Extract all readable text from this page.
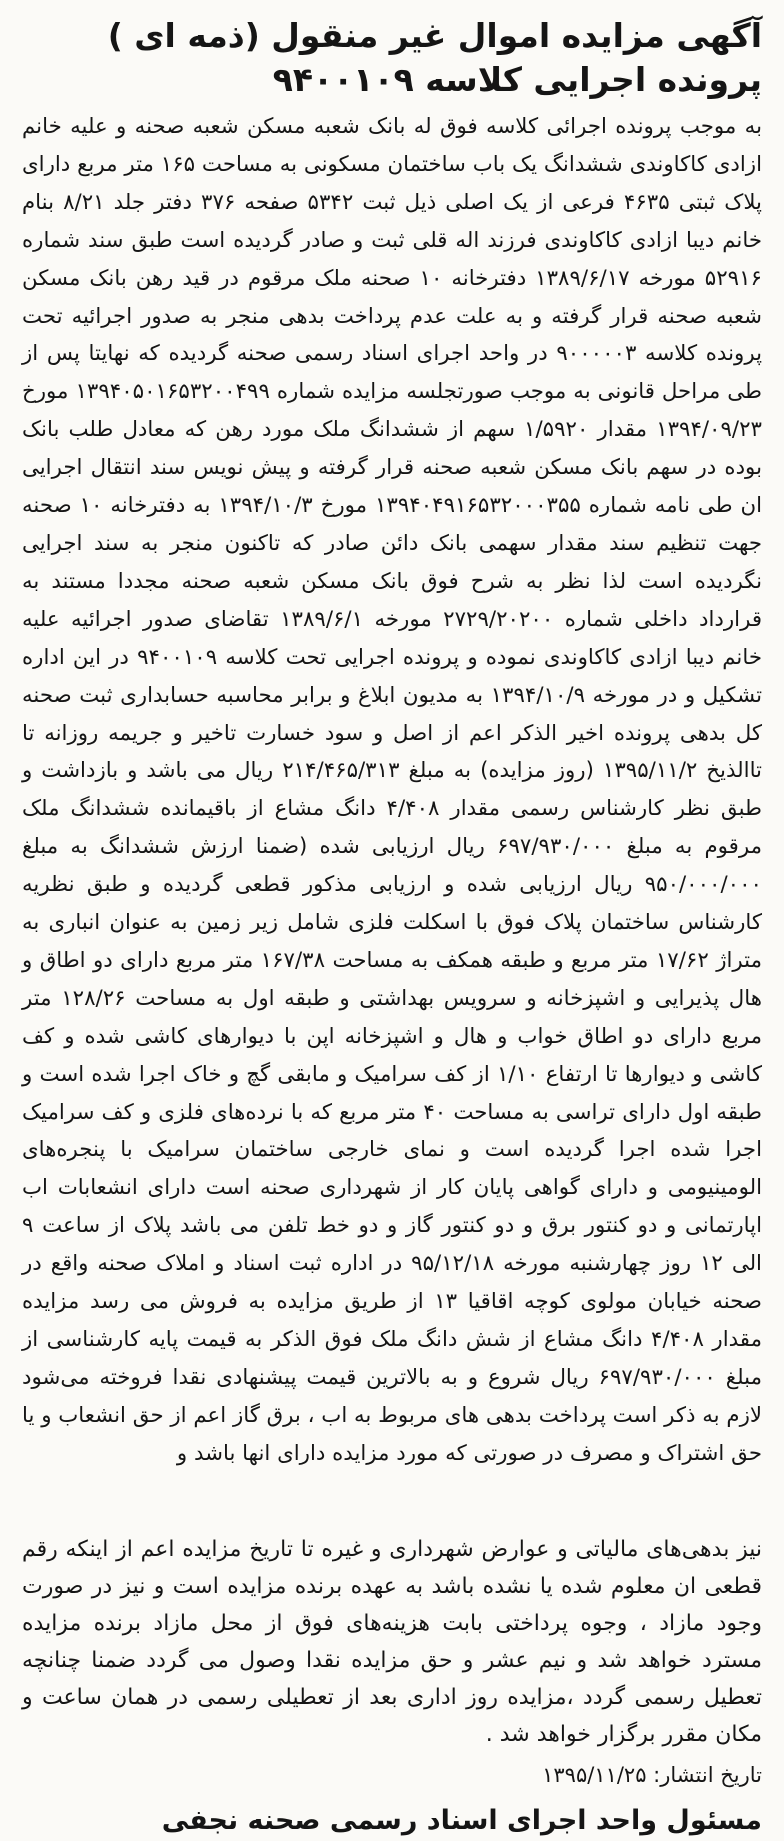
آگهی مزایده اموال غیر منقول (ذمه ای ) پرونده اجرایی کلاسه ۹۴۰۰۱۰۹

به موجب پرونده اجرائی کلاسه فوق له بانک شعبه مسکن شعبه صحنه و علیه خانم ازادی کاکاوندی ششدانگ یک باب ساختمان مسکونی به مساحت ۱۶۵ متر مربع دارای پلاک ثبتی ۴۶۳۵ فرعی از یک اصلی ذیل ثبت ۵۳۴۲ صفحه ۳۷۶ دفتر جلد ۸/۲۱ بنام خانم دیبا ازادی کاکاوندی فرزند اله قلی ثبت و صادر گردیده است طبق سند شماره ۵۲۹۱۶ مورخه ۱۳۸۹/۶/۱۷ دفترخانه ۱۰ صحنه ملک مرقوم در قید رهن بانک مسکن شعبه صحنه قرار گرفته و به علت عدم پرداخت بدهی منجر به صدور اجرائیه تحت پرونده کلاسه ۹۰۰۰۰۰۳ در واحد اجرای اسناد رسمی صحنه گردیده که نهایتا پس از طی مراحل قانونی به موجب صورتجلسه مزایده شماره ۱۳۹۴۰۵۰۱۶۵۳۲۰۰۴۹۹ مورخ ۱۳۹۴/۰۹/۲۳ مقدار ۱/۵۹۲۰ سهم از ششدانگ ملک مورد رهن که معادل طلب بانک بوده در سهم بانک مسکن شعبه صحنه قرار گرفته و پیش نویس سند انتقال اجرایی ان طی نامه شماره ۱۳۹۴۰۴۹۱۶۵۳۲۰۰۰۳۵۵ مورخ ۱۳۹۴/۱۰/۳ به دفترخانه ۱۰ صحنه جهت تنظیم سند مقدار سهمی بانک دائن صادر که تاکنون منجر به سند اجرایی نگردیده است لذا نظر به شرح فوق بانک مسکن شعبه صحنه مجددا مستند به قرارداد داخلی شماره ۲۷۲۹/۲۰۲۰۰ مورخه ۱۳۸۹/۶/۱ تقاضای صدور اجرائیه علیه خانم دیبا ازادی کاکاوندی نموده و پرونده اجرایی تحت کلاسه ۹۴۰۰۱۰۹ در این اداره تشکیل و در مورخه ۱۳۹۴/۱۰/۹ به مدیون ابلاغ و برابر محاسبه حسابداری ثبت صحنه کل بدهی پرونده اخیر الذکر اعم از اصل و سود خسارت تاخیر و جریمه روزانه تا تاالذیخ ۱۳۹۵/۱۱/۲ (روز مزایده) به مبلغ ۲۱۴/۴۶۵/۳۱۳ ریال می باشد و بازداشت و طبق نظر کارشناس رسمی مقدار ۴/۴۰۸ دانگ مشاع از باقیمانده ششدانگ ملک مرقوم به مبلغ ۶۹۷/۹۳۰/۰۰۰ ریال ارزیابی شده (ضمنا ارزش ششدانگ به مبلغ ۹۵۰/۰۰۰/۰۰۰ ریال ارزیابی شده و ارزیابی مذکور قطعی گردیده و طبق نظریه کارشناس ساختمان پلاک فوق با اسکلت فلزی شامل زیر زمین به عنوان انباری به متراژ ۱۷/۶۲ متر مربع و طبقه همکف به مساحت ۱۶۷/۳۸ متر مربع دارای دو اطاق و هال پذیرایی و اشپزخانه و سرویس بهداشتی و طبقه اول به مساحت ۱۲۸/۲۶ متر مربع دارای دو اطاق خواب و هال و اشپزخانه اپن با دیوارهای کاشی شده و کف کاشی و دیوارها تا ارتفاع ۱/۱۰ از کف سرامیک و مابقی گچ و خاک اجرا شده است و طبقه اول دارای تراسی به مساحت ۴۰ متر مربع که با نرده‌های فلزی و کف سرامیک اجرا شده اجرا گردیده است و نمای خارجی ساختمان سرامیک با پنجره‌های الومینیومی و دارای گواهی پایان کار از شهرداری صحنه است دارای انشعابات اب اپارتمانی و دو کنتور برق و دو کنتور گاز و دو خط تلفن می باشد پلاک از ساعت ۹ الی ۱۲ روز چهارشنبه مورخه ۹۵/۱۲/۱۸ در اداره ثبت اسناد و املاک صحنه واقع در صحنه خیابان مولوی کوچه اقاقیا ۱۳ از طریق مزایده به فروش می رسد مزایده مقدار ۴/۴۰۸ دانگ مشاع از شش دانگ ملک فوق الذکر به قیمت پایه کارشناسی از مبلغ ۶۹۷/۹۳۰/۰۰۰ ریال شروع و به بالاترین قیمت پیشنهادی نقدا فروخته می‌شود لازم به ذکر است پرداخت بدهی های مربوط به اب ، برق گاز اعم از حق انشعاب و یا حق اشتراک و مصرف در صورتی که مورد مزایده دارای انها باشد و

نیز بدهی‌های مالیاتی و عوارض شهرداری و غیره تا تاریخ مزایده اعم از اینکه رقم قطعی ان معلوم شده یا نشده باشد به عهده برنده مزایده است و نیز در صورت وجود مازاد ، وجوه پرداختی بابت هزینه‌های فوق از محل مازاد برنده مزایده مسترد خواهد شد و نیم عشر و حق مزایده نقدا وصول می گردد ضمنا چنانچه تعطیل رسمی گردد ،مزایده روز اداری بعد از تعطیلی رسمی در همان ساعت و مکان مقرر برگزار خواهد شد .

تاریخ انتشار: ۱۳۹۵/۱۱/۲۵

مسئول واحد اجرای اسناد رسمی صحنه نجفی
